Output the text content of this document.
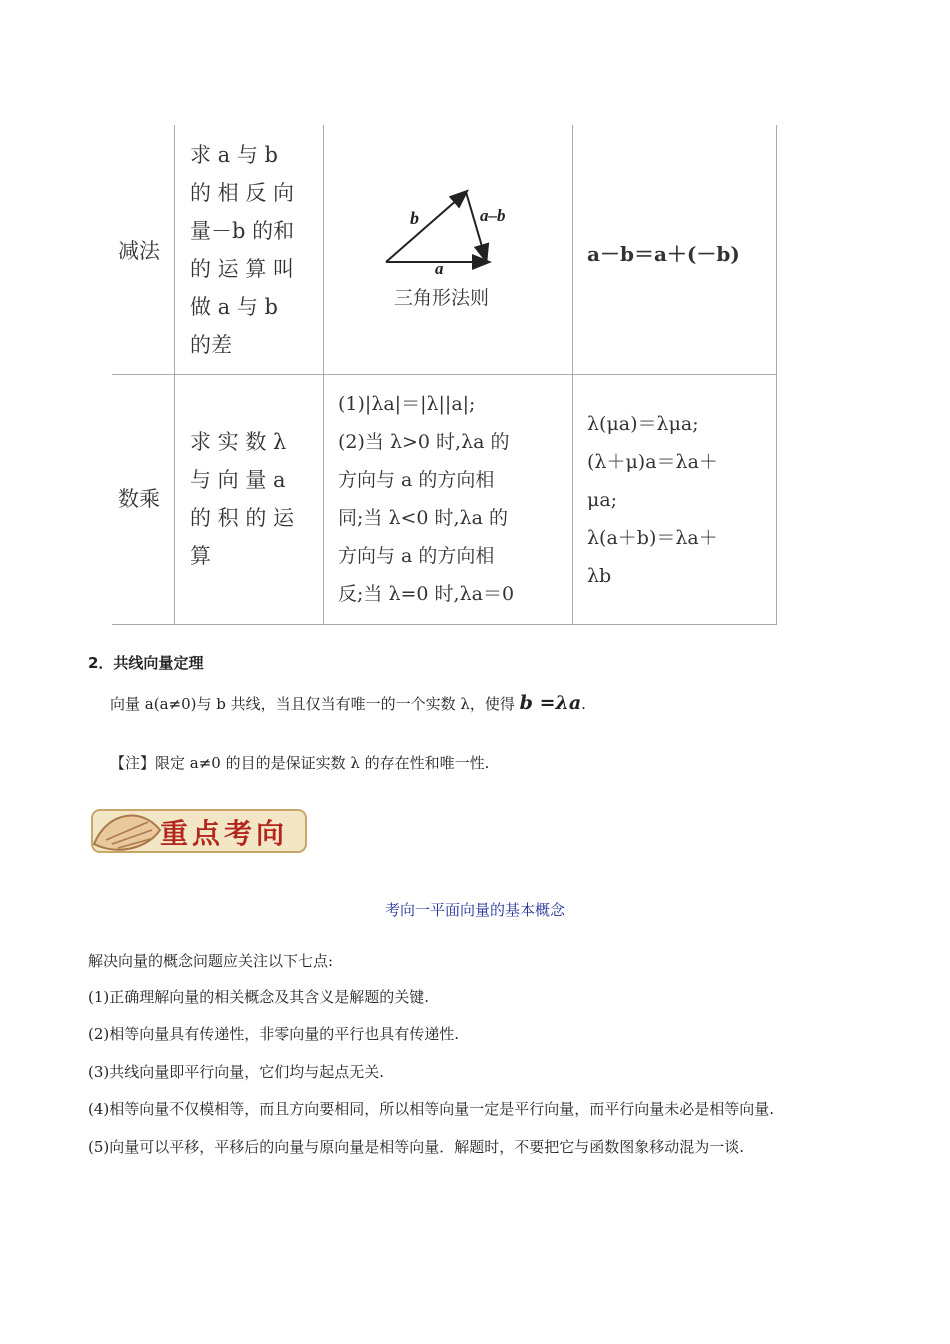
减法
求 a 与 b
的 相 反 向
量－b 的和
的 运 算 叫
做 a 与 b
的差
b	a–b
a
三角形法则
a－b＝a＋(－b)
数乘
求 实 数 λ
与 向 量 a
的 积 的 运
算
(1)|λa|＝|λ||a|;
(2)当 λ>0 时,λa 的
方向与 a 的方向相
同;当 λ<0 时,λa 的
方向与 a 的方向相
反;当 λ=0 时,λa＝0
λ(μa)＝λμa;
(λ＋μ)a＝λa＋
μa;
λ(a＋b)＝λa＋
λb
2．共线向量定理
向量 a(a≠0)与 b 共线，当且仅当有唯一的一个实数 λ，使得 b =λa.
【注】限定 a≠0 的目的是保证实数 λ 的存在性和唯一性.
重点考向
考向一平面向量的基本概念
解决向量的概念问题应关注以下七点:
(1)正确理解向量的相关概念及其含义是解题的关键.
(2)相等向量具有传递性，非零向量的平行也具有传递性.
(3)共线向量即平行向量，它们均与起点无关.
(4)相等向量不仅模相等，而且方向要相同，所以相等向量一定是平行向量，而平行向量未必是相等向量.
(5)向量可以平移，平移后的向量与原向量是相等向量．解题时，不要把它与函数图象移动混为一谈.
